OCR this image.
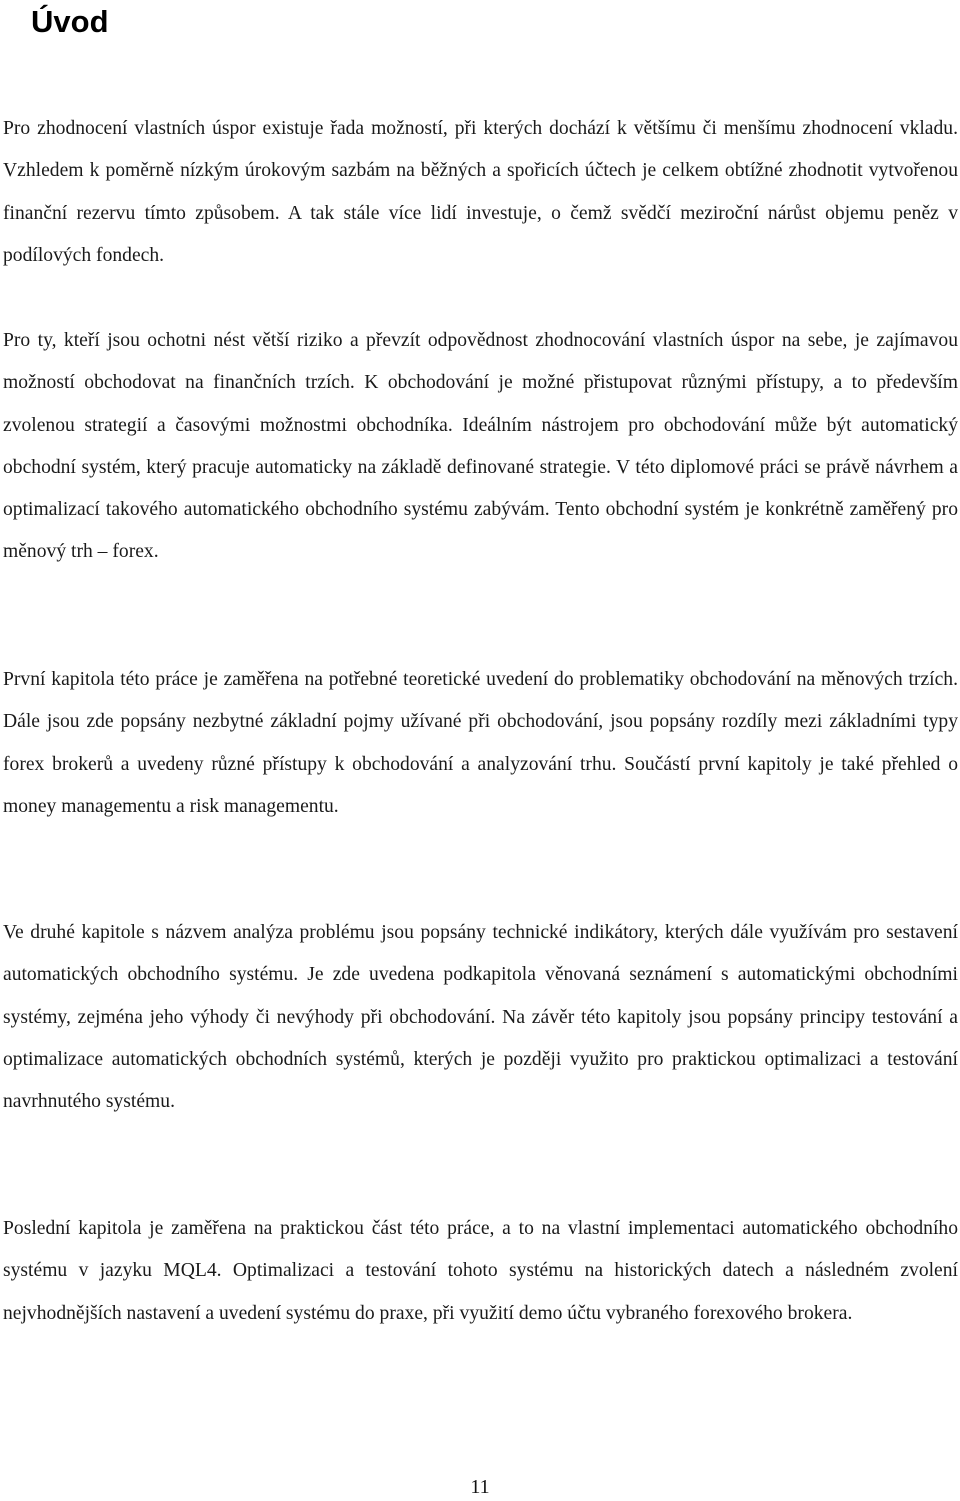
Úvod

Pro zhodnocení vlastních úspor existuje řada možností, při kterých dochází k většímu či menšímu zhodnocení vkladu. Vzhledem k poměrně nízkým úrokovým sazbám na běžných a spořicích účtech je celkem obtížné zhodnotit vytvořenou finanční rezervu tímto způsobem. A tak stále více lidí investuje, o čemž svědčí meziroční nárůst objemu peněz v podílových fondech.

Pro ty, kteří jsou ochotni nést větší riziko a převzít odpovědnost zhodnocování vlastních úspor na sebe, je zajímavou možností obchodovat na finančních trzích. K obchodování je možné přistupovat různými přístupy, a to především zvolenou strategií a časovými možnostmi obchodníka. Ideálním nástrojem pro obchodování může být automatický obchodní systém, který pracuje automaticky na základě definované strategie. V této diplomové práci se právě návrhem a optimalizací takového automatického obchodního systému zabývám. Tento obchodní systém je konkrétně zaměřený pro měnový trh – forex.

První kapitola této práce je zaměřena na potřebné teoretické uvedení do problematiky obchodování na měnových trzích. Dále jsou zde popsány nezbytné základní pojmy užívané při obchodování, jsou popsány rozdíly mezi základními typy forex brokerů a uvedeny různé přístupy k obchodování a analyzování trhu. Součástí první kapitoly je také přehled o money managementu a risk managementu.

Ve druhé kapitole s názvem analýza problému jsou popsány technické indikátory, kterých dále využívám pro sestavení automatických obchodního systému. Je zde uvedena podkapitola věnovaná seznámení s automatickými obchodními systémy, zejména jeho výhody či nevýhody při obchodování. Na závěr této kapitoly jsou popsány principy testování a optimalizace automatických obchodních systémů, kterých je později využito pro praktickou optimalizaci a testování navrhnutého systému.

Poslední kapitola je zaměřena na praktickou část této práce, a to na vlastní implementaci automatického obchodního systému v jazyku MQL4. Optimalizaci a testování tohoto systému na historických datech a následném zvolení nejvhodnějších nastavení a uvedení systému do praxe, při využití demo účtu vybraného forexového brokera.

11
